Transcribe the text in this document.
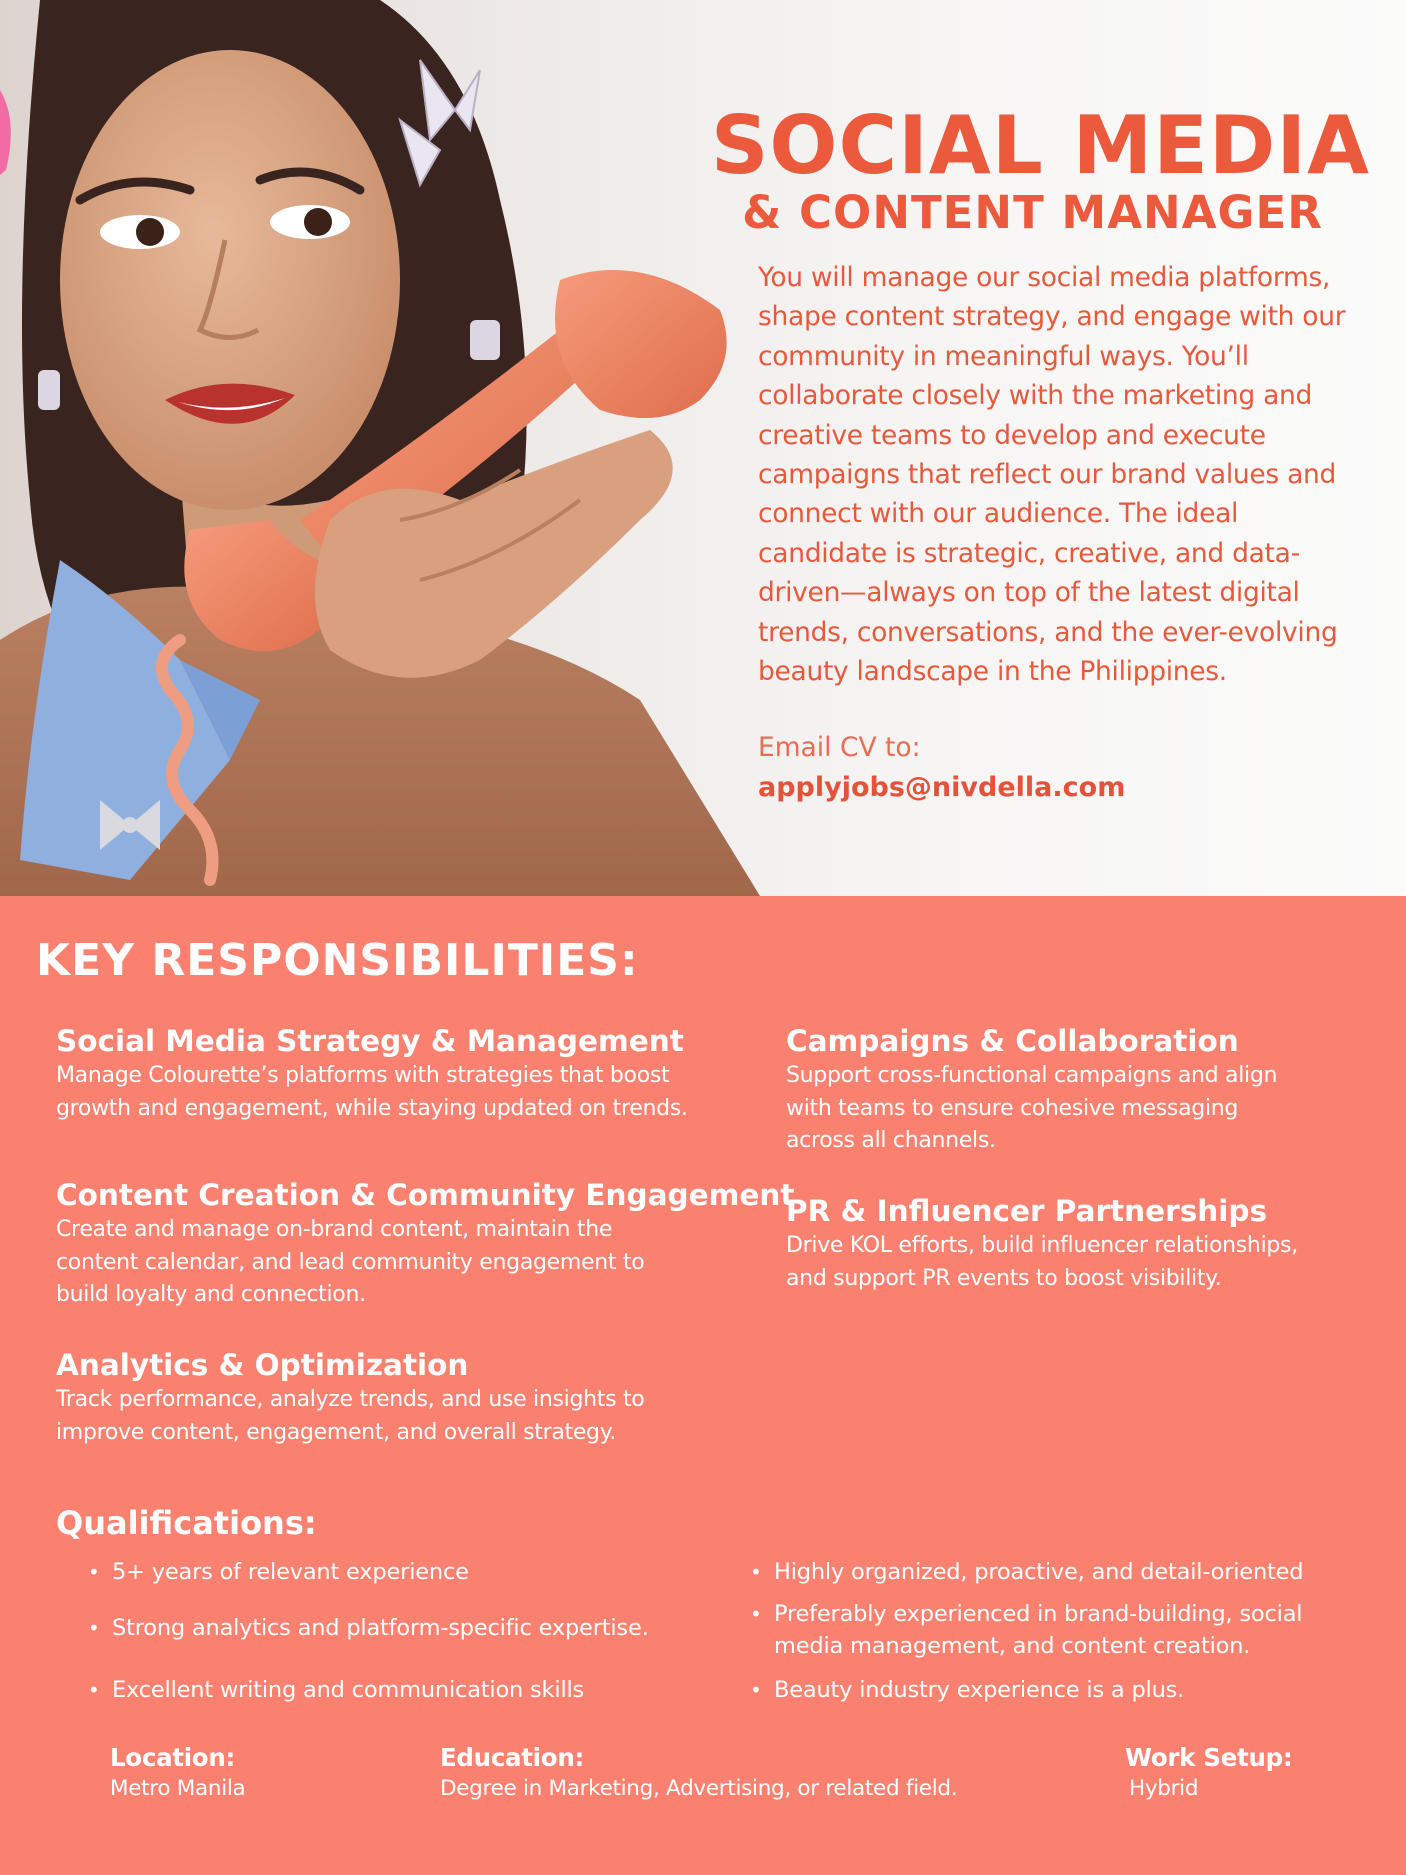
SOCIAL MEDIA
& CONTENT MANAGER
You will manage our social media platforms,
shape content strategy, and engage with our
community in meaningful ways. You’ll
collaborate closely with the marketing and
creative teams to develop and execute
campaigns that reflect our brand values and
connect with our audience. The ideal
candidate is strategic, creative, and data-
driven—always on top of the latest digital
trends, conversations, and the ever-evolving
beauty landscape in the Philippines.
Email CV to:
applyjobs@nivdella.com
KEY RESPONSIBILITIES:
Social Media Strategy & Management
Manage Colourette’s platforms with strategies that boost
growth and engagement, while staying updated on trends.
Content Creation & Community Engagement
Create and manage on-brand content, maintain the
content calendar, and lead community engagement to
build loyalty and connection.
Analytics & Optimization
Track performance, analyze trends, and use insights to
improve content, engagement, and overall strategy.
Campaigns & Collaboration
Support cross-functional campaigns and align
with teams to ensure cohesive messaging
across all channels.
PR & Influencer Partnerships
Drive KOL efforts, build influencer relationships,
and support PR events to boost visibility.
Qualifications:
• 5+ years of relevant experience
• Strong analytics and platform-specific expertise.
• Excellent writing and communication skills
• Highly organized, proactive, and detail-oriented
• Preferably experienced in brand-building, social
media management, and content creation.
• Beauty industry experience is a plus.
Location:
Metro Manila
Education:
Degree in Marketing, Advertising, or related field.
Work Setup:
Hybrid
